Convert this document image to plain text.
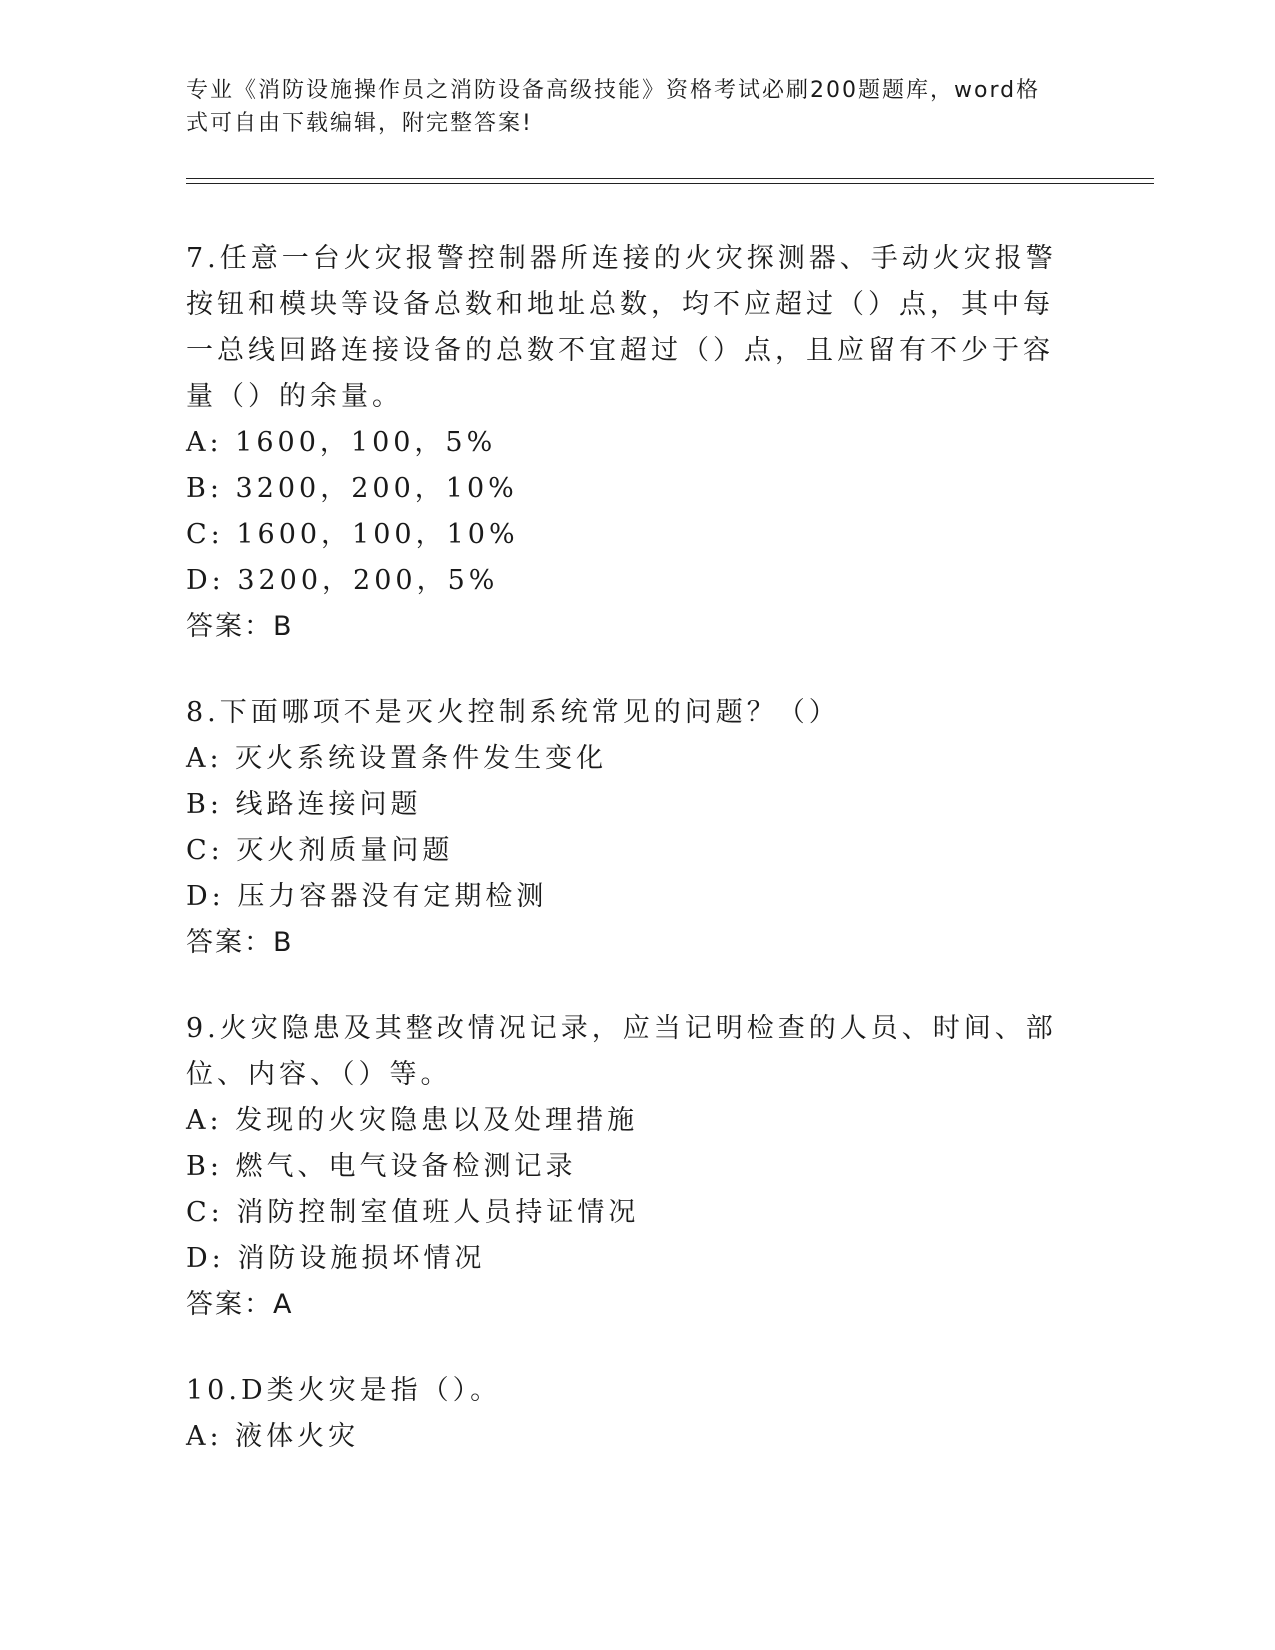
专业《消防设施操作员之消防设备高级技能》资格考试必刷200题题库，word格
式可自由下载编辑，附完整答案!

7.任意一台火灾报警控制器所连接的火灾探测器、手动火灾报警按钮和模块等设备总数和地址总数，均不应超过（）点，其中每一总线回路连接设备的总数不宜超过（）点，且应留有不少于容量（）的余量。

A: 1600，100，5%

B: 3200，200，10%

C: 1600，100，10%

D: 3200，200，5%

答案：B

8.下面哪项不是灭火控制系统常见的问题？（）

A: 灭火系统设置条件发生变化

B: 线路连接问题

C: 灭火剂质量问题

D: 压力容器没有定期检测

答案：B

9.火灾隐患及其整改情况记录，应当记明检查的人员、时间、部位、内容、（）等。

A: 发现的火灾隐患以及处理措施

B: 燃气、电气设备检测记录

C: 消防控制室值班人员持证情况

D: 消防设施损坏情况

答案：A

10.D类火灾是指（）。

A: 液体火灾
